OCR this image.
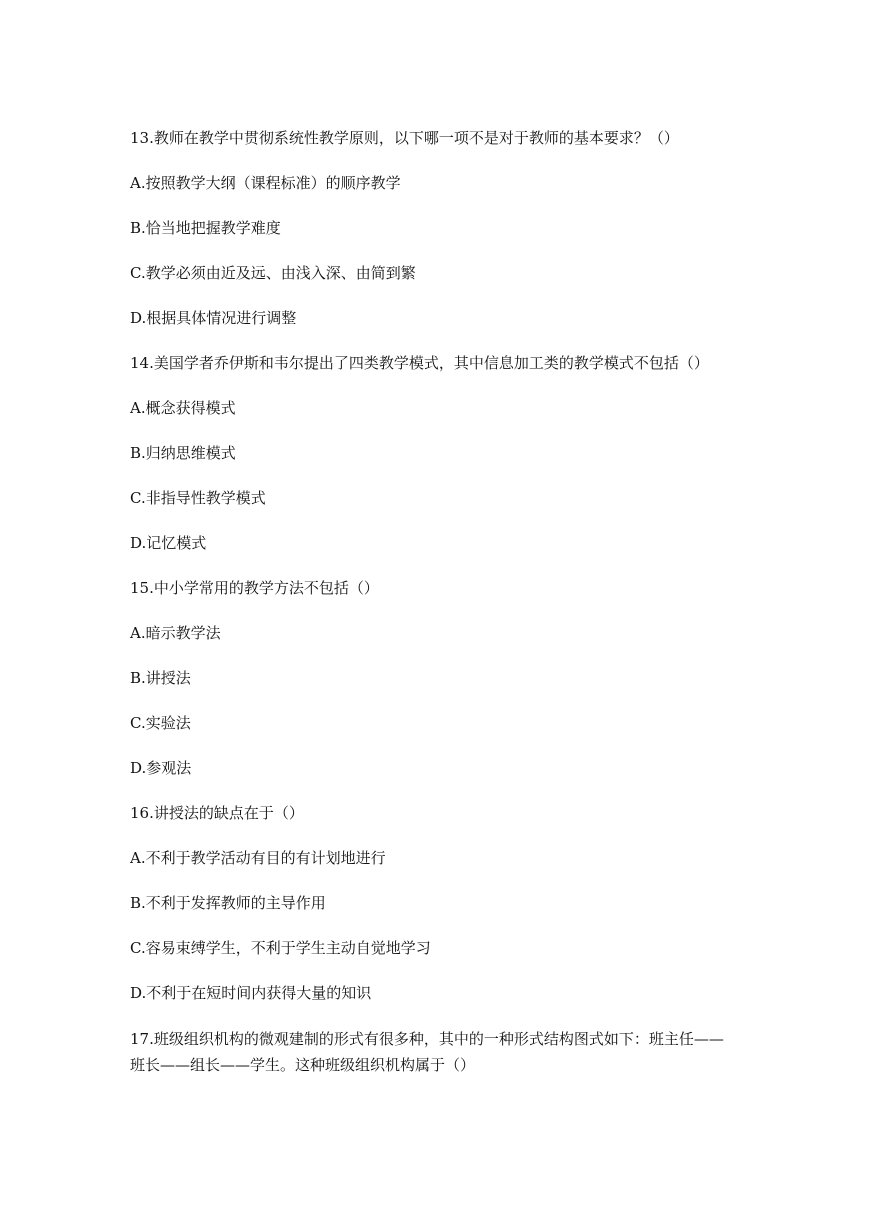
13.教师在教学中贯彻系统性教学原则，以下哪一项不是对于教师的基本要求？（）

A.按照教学大纲（课程标准）的顺序教学

B.恰当地把握教学难度

C.教学必须由近及远、由浅入深、由简到繁

D.根据具体情况进行调整

14.美国学者乔伊斯和韦尔提出了四类教学模式，其中信息加工类的教学模式不包括（）

A.概念获得模式

B.归纳思维模式

C.非指导性教学模式

D.记忆模式

15.中小学常用的教学方法不包括（）

A.暗示教学法

B.讲授法

C.实验法

D.参观法

16.讲授法的缺点在于（）

A.不利于教学活动有目的有计划地进行

B.不利于发挥教师的主导作用

C.容易束缚学生，不利于学生主动自觉地学习

D.不利于在短时间内获得大量的知识

17.班级组织机构的微观建制的形式有很多种，其中的一种形式结构图式如下：班主任——
班长——组长——学生。这种班级组织机构属于（）
